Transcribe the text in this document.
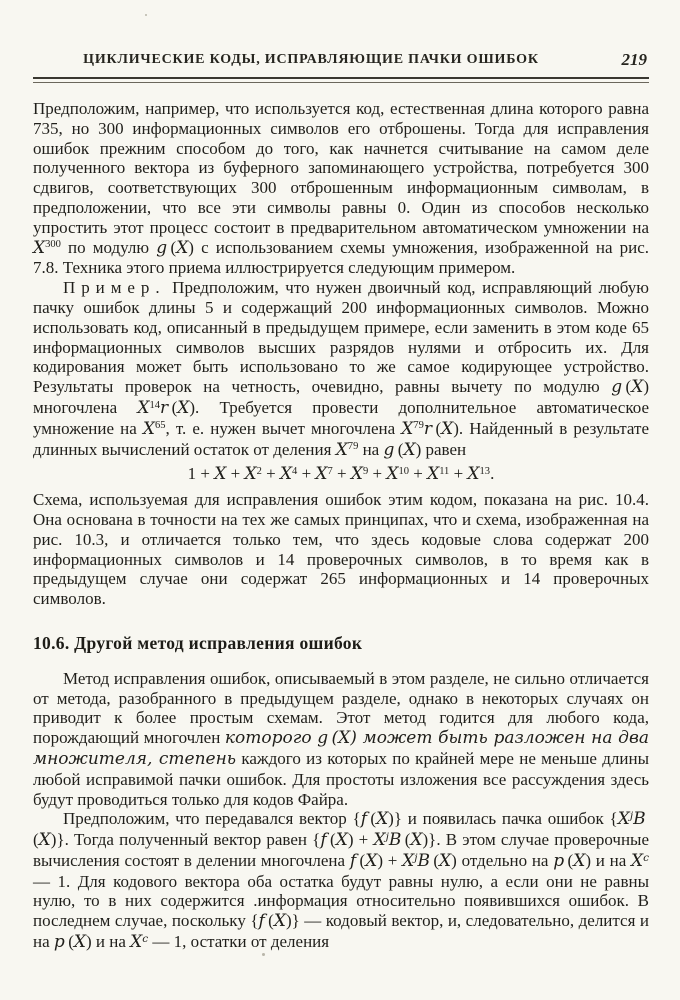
ЦИКЛИЧЕСКИЕ КОДЫ, ИСПРАВЛЯЮЩИЕ ПАЧКИ ОШИБОК	219

Предположим, например, что используется код, естественная длина которого равна 735, но 300 информационных символов его отброшены. Тогда для исправления ошибок прежним способом до того, как начнется считывание на самом деле полученного вектора из буферного запоминающего устройства, потребуется 300 сдвигов, соответствующих 300 отброшенным информационным символам, в предположении, что все эти символы равны 0. Один из способов несколько упростить этот процесс состоит в предварительном автоматическом умножении на $X^{300}$ по модулю g (X) с использованием схемы умножения, изображенной на рис. 7.8. Техника этого приема иллюстрируется следующим примером.

Пример. Предположим, что нужен двоичный код, исправляющий любую пачку ошибок длины 5 и содержащий 200 информационных символов. Можно использовать код, описанный в предыдущем примере, если заменить в этом коде 65 информационных символов высших разрядов нулями и отбросить их. Для кодирования может быть использовано то же самое кодирующее устройство. Результаты проверок на четность, очевидно, равны вычету по модулю g (X) многочлена $X^{14}r$ (X). Требуется провести дополнительное автоматическое умножение на $X^{65}$, т. е. нужен вычет многочлена $X^{79}r$ (X). Найденный в результате длинных вычислений остаток от деления $X^{79}$ на g (X) равен

$1 + X + X^2 + X^4 + X^7 + X^9 + X^{10} + X^{11} + X^{13}$.

Схема, используемая для исправления ошибок этим кодом, показана на рис. 10.4. Она основана в точности на тех же самых принципах, что и схема, изображенная на рис. 10.3, и отличается только тем, что здесь кодовые слова содержат 200 информационных символов и 14 проверочных символов, в то время как в предыдущем случае они содержат 265 информационных и 14 проверочных символов.

10.6. Другой метод исправления ошибок

Метод исправления ошибок, описываемый в этом разделе, не сильно отличается от метода, разобранного в предыдущем разделе, однако в некоторых случаях он приводит к более простым схемам. Этот метод годится для любого кода, порождающий многочлен которого g (X) может быть разложен на два множителя, степень каждого из которых по крайней мере не меньше длины любой исправимой пачки ошибок. Для простоты изложения все рассуждения здесь будут проводиться только для кодов Файра.

Предположим, что передавался вектор {f (X)} и появилась пачка ошибок {$X^jB$ (X)}. Тогда полученный вектор равен {f $(X) + X^jB$ (X)}. В этом случае проверочные вычисления состоят в делении многочлена f $(X) + X^jB$ (X) отдельно на p (X) и на $X^c$ — 1. Для кодового вектора оба остатка будут равны нулю, а если они не равны нулю, то в них содержится .информация относительно появившихся ошибок. В последнем случае, поскольку {f (X)} — кодовый вектор, и, следовательно, делится и на p (X) и на $X^c$ — 1, остатки от деления
